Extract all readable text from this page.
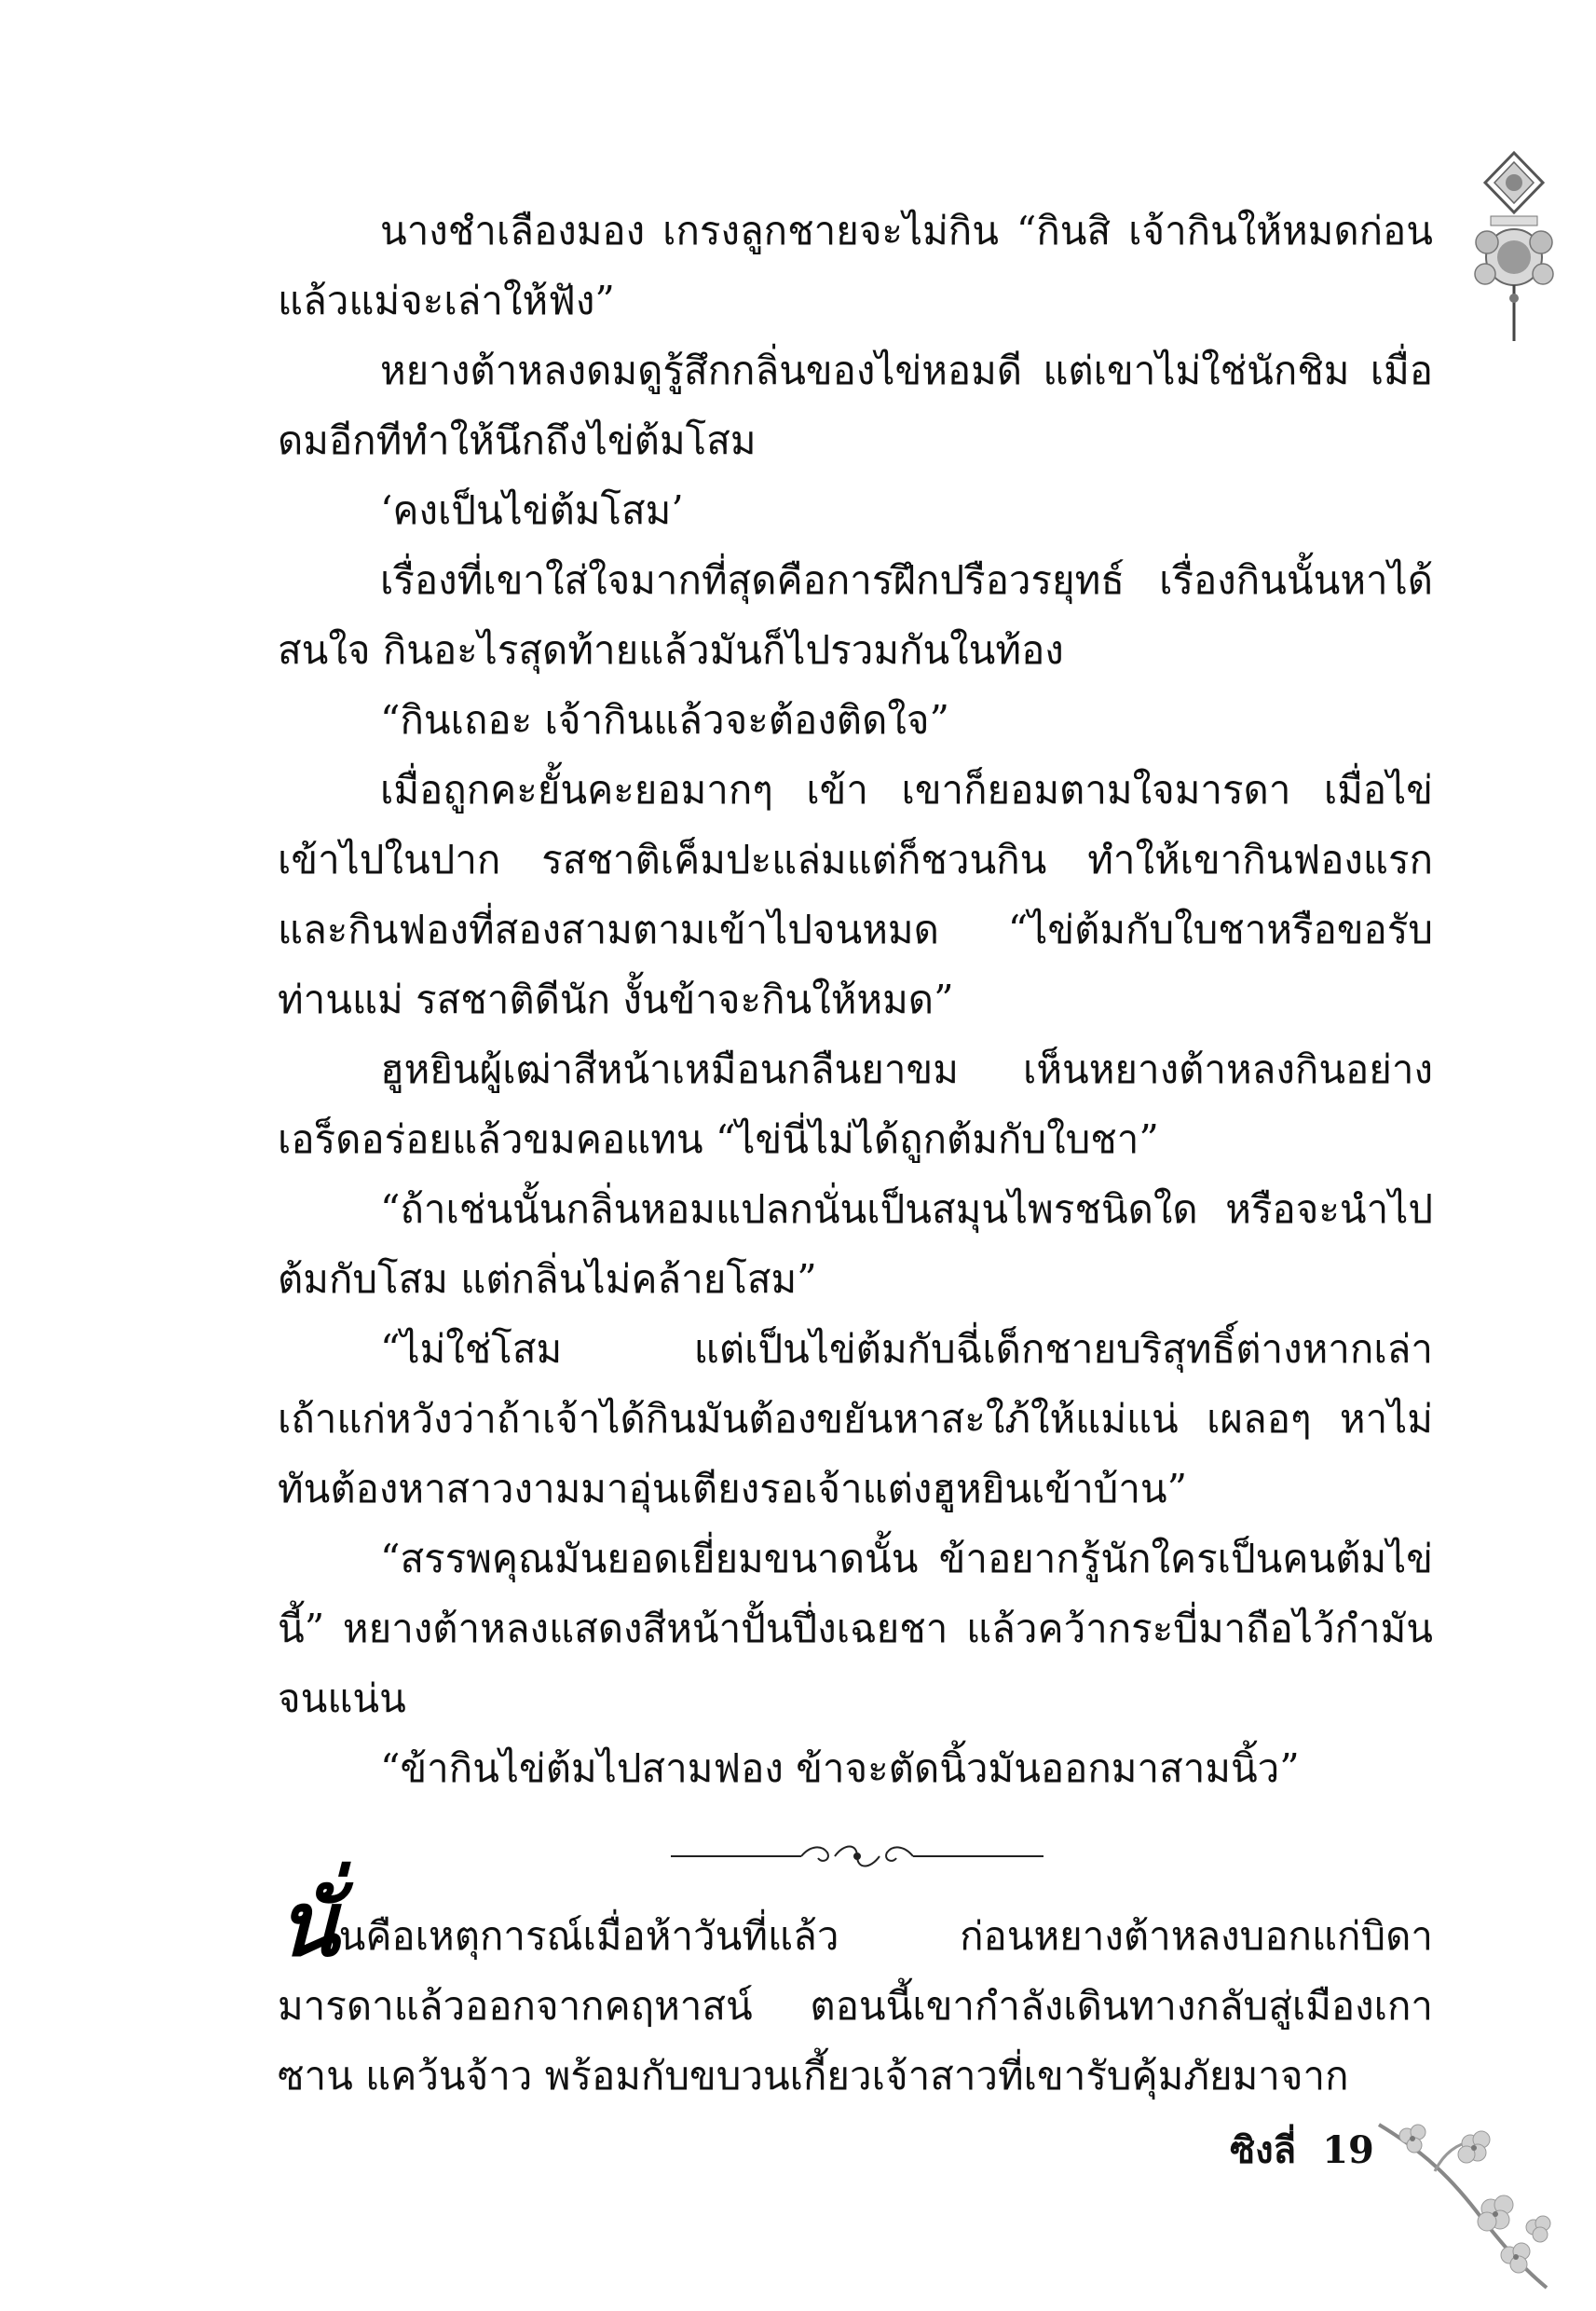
นางชำเลืองมอง เกรงลูกชายจะไม่กิน “กินสิ เจ้ากินให้หมดก่อน แล้วแม่จะเล่าให้ฟัง”

หยางต้าหลงดมดูรู้สึกกลิ่นของไข่หอมดี แต่เขาไม่ใช่นักชิม เมื่อดมอีกทีทำให้นึกถึงไข่ต้มโสม

‘คงเป็นไข่ต้มโสม’

เรื่องที่เขาใส่ใจมากที่สุดคือการฝึกปรือวรยุทธ์ เรื่องกินนั้นหาได้สนใจ กินอะไรสุดท้ายแล้วมันก็ไปรวมกันในท้อง

“กินเถอะ เจ้ากินแล้วจะต้องติดใจ”

เมื่อถูกคะยั้นคะยอมากๆ เข้า เขาก็ยอมตามใจมารดา เมื่อไข่เข้าไปในปาก รสชาติเค็มปะแล่มแต่ก็ชวนกิน ทำให้เขากินฟองแรกและกินฟองที่สองสามตามเข้าไปจนหมด “ไข่ต้มกับใบชาหรือขอรับท่านแม่ รสชาติดีนัก งั้นข้าจะกินให้หมด”

ฮูหยินผู้เฒ่าสีหน้าเหมือนกลืนยาขม เห็นหยางต้าหลงกินอย่างเอร็ดอร่อยแล้วขมคอแทน “ไข่นี่ไม่ได้ถูกต้มกับใบชา”

“ถ้าเช่นนั้นกลิ่นหอมแปลกนั่นเป็นสมุนไพรชนิดใด หรือจะนำไปต้มกับโสม แต่กลิ่นไม่คล้ายโสม”

“ไม่ใช่โสม แต่เป็นไข่ต้มกับฉี่เด็กชายบริสุทธิ์ต่างหากเล่า เถ้าแก่หวังว่าถ้าเจ้าได้กินมันต้องขยันหาสะใภ้ให้แม่แน่ เผลอๆ หาไม่ทันต้องหาสาวงามมาอุ่นเตียงรอเจ้าแต่งฮูหยินเข้าบ้าน”

“สรรพคุณมันยอดเยี่ยมขนาดนั้น ข้าอยากรู้นักใครเป็นคนต้มไข่นี้” หยางต้าหลงแสดงสีหน้าปั้นปึ่งเฉยชา แล้วคว้ากระบี่มาถือไว้กำมันจนแน่น

“ข้ากินไข่ต้มไปสามฟอง ข้าจะตัดนิ้วมันออกมาสามนิ้ว”

นั่นคือเหตุการณ์เมื่อห้าวันที่แล้ว ก่อนหยางต้าหลงบอกแก่บิดามารดาแล้วออกจากคฤหาสน์ ตอนนี้เขากำลังเดินทางกลับสู่เมืองเกาซาน แคว้นจ้าว พร้อมกับขบวนเกี้ยวเจ้าสาวที่เขารับคุ้มภัยมาจาก

ซิงลี่ 19
